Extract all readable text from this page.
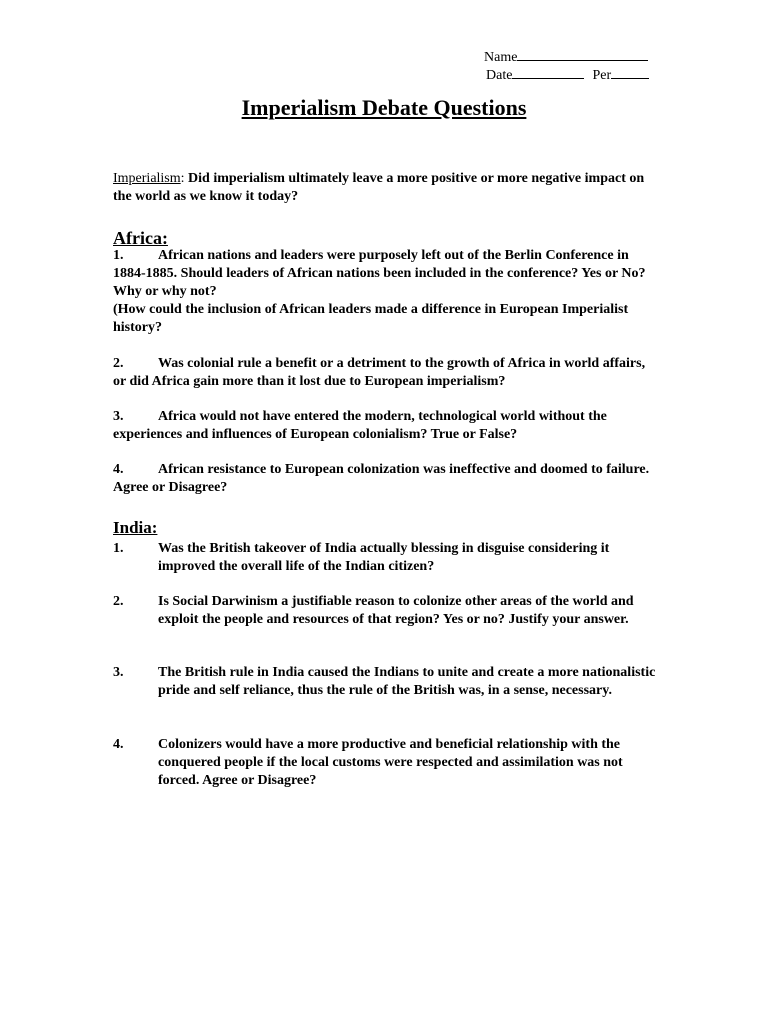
Name
Date	Per
Imperialism Debate Questions
Imperialism: Did imperialism ultimately leave a more positive or more negative impact on the world as we know it today?
Africa:
1. African nations and leaders were purposely left out of the Berlin Conference in 1884-1885. Should leaders of African nations been included in the conference? Yes or No? Why or why not?
(How could the inclusion of African leaders made a difference in European Imperialist history?
2. Was colonial rule a benefit or a detriment to the growth of Africa in world affairs, or did Africa gain more than it lost due to European imperialism?
3. Africa would not have entered the modern, technological world without the experiences and influences of European colonialism? True or False?
4. African resistance to European colonization was ineffective and doomed to failure. Agree or Disagree?
India:
1. Was the British takeover of India actually blessing in disguise considering it improved the overall life of the Indian citizen?
2. Is Social Darwinism a justifiable reason to colonize other areas of the world and exploit the people and resources of that region? Yes or no? Justify your answer.
3. The British rule in India caused the Indians to unite and create a more nationalistic pride and self reliance, thus the rule of the British was, in a sense, necessary.
4. Colonizers would have a more productive and beneficial relationship with the conquered people if the local customs were respected and assimilation was not forced. Agree or Disagree?
